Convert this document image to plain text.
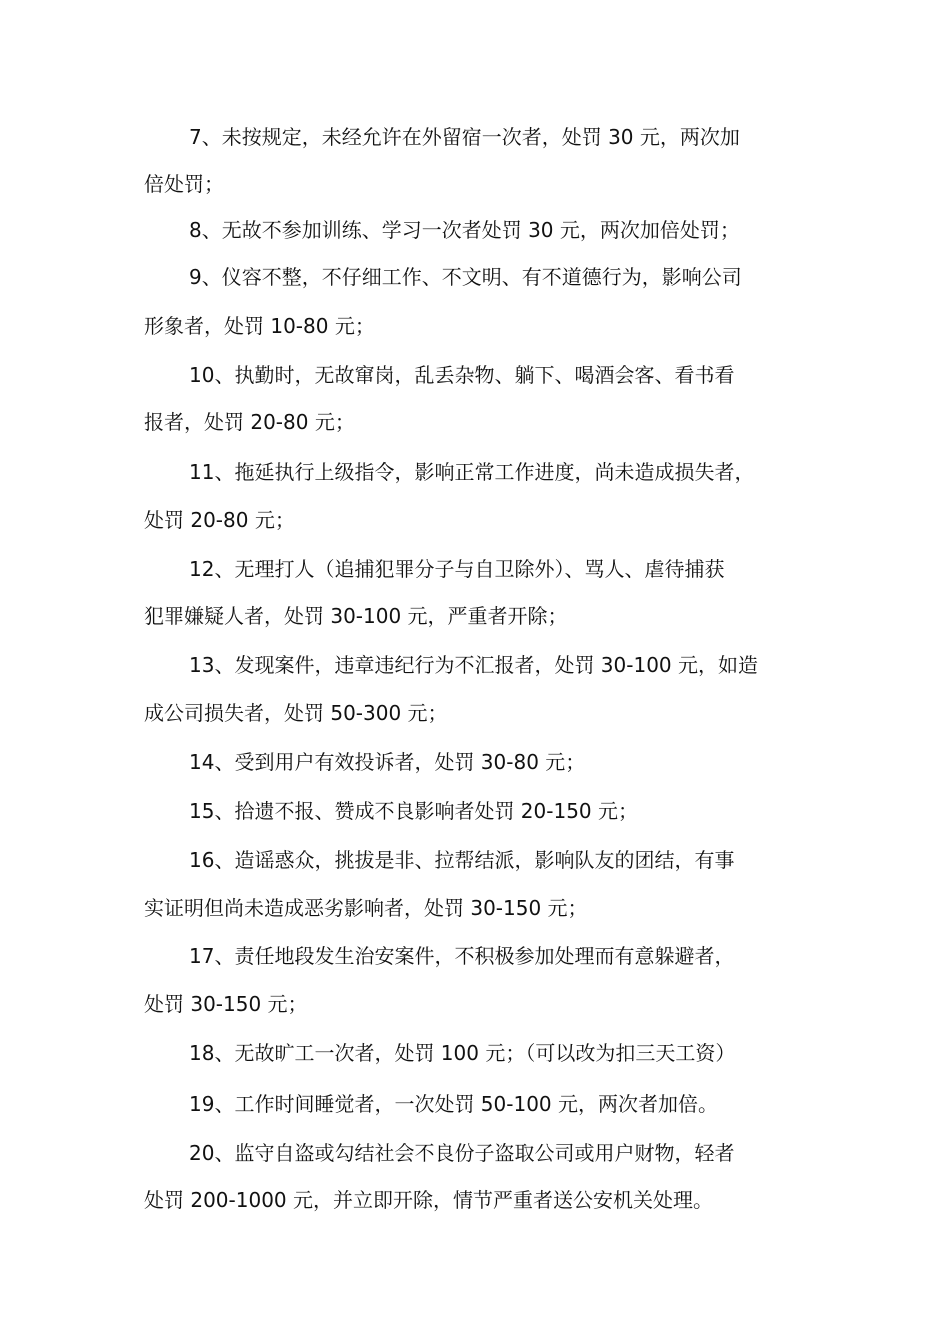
7、未按规定，未经允许在外留宿一次者，处罚 30 元，两次加
倍处罚；
8、无故不参加训练、学习一次者处罚 30 元，两次加倍处罚；
9、仪容不整，不仔细工作、不文明、有不道德行为，影响公司
形象者，处罚 10-80 元；
10、执勤时，无故窜岗，乱丢杂物、躺下、喝酒会客、看书看
报者，处罚 20-80 元；
11、拖延执行上级指令，影响正常工作进度，尚未造成损失者，
处罚 20-80 元；
12、无理打人（追捕犯罪分子与自卫除外）、骂人、虐待捕获
犯罪嫌疑人者，处罚 30-100 元，严重者开除；
13、发现案件，违章违纪行为不汇报者，处罚 30-100 元，如造
成公司损失者，处罚 50-300 元；
14、受到用户有效投诉者，处罚 30-80 元；
15、拾遗不报、赞成不良影响者处罚 20-150 元；
16、造谣惑众，挑拔是非、拉帮结派，影响队友的团结，有事
实证明但尚未造成恶劣影响者，处罚 30-150 元；
17、责任地段发生治安案件，不积极参加处理而有意躲避者，
处罚 30-150 元；
18、无故旷工一次者，处罚 100 元；（可以改为扣三天工资）
19、工作时间睡觉者，一次处罚 50-100 元，两次者加倍。
20、监守自盗或勾结社会不良份子盗取公司或用户财物，轻者
处罚 200-1000 元，并立即开除，情节严重者送公安机关处理。
